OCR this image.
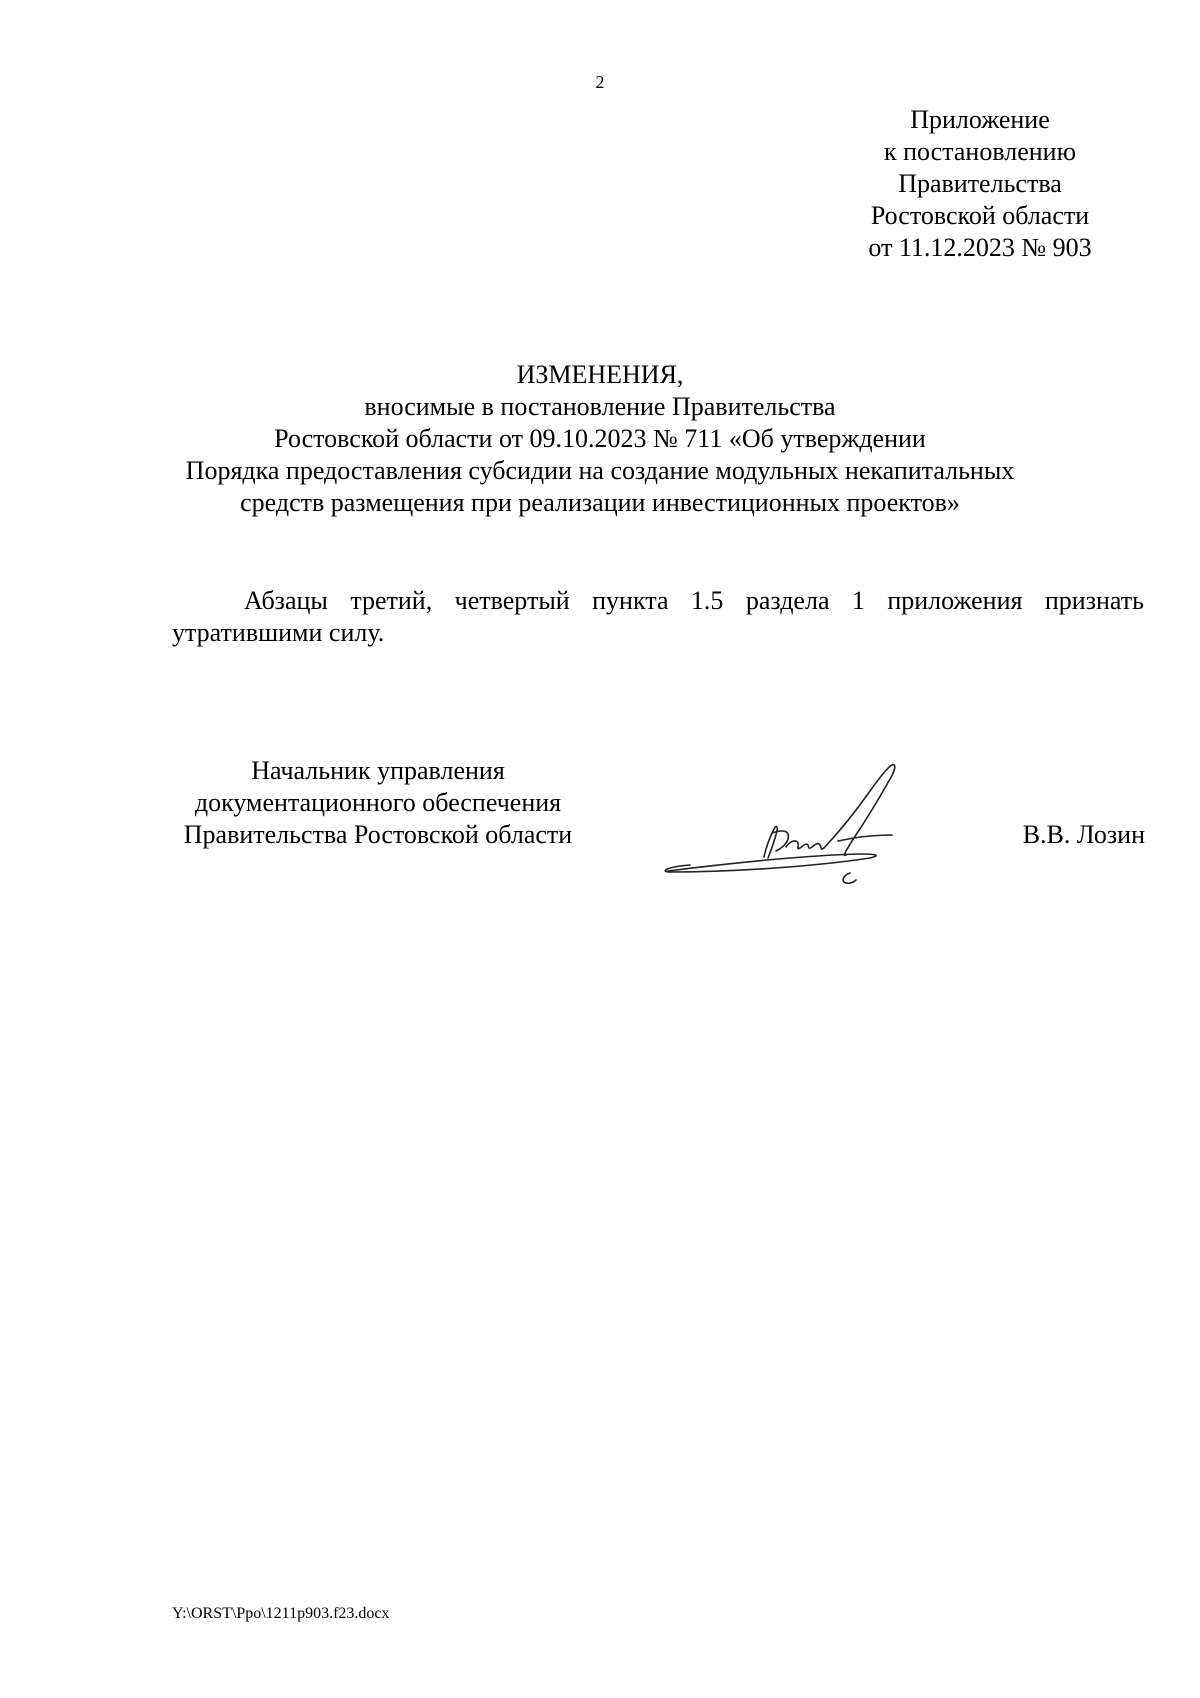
2
Приложение
к постановлению
Правительства
Ростовской области
от 11.12.2023 № 903
ИЗМЕНЕНИЯ,
вносимые в постановление Правительства
Ростовской области от 09.10.2023 № 711 «Об утверждении
Порядка предоставления субсидии на создание модульных некапитальных
средств размещения при реализации инвестиционных проектов»

Абзацы третий, четвертый пункта 1.5 раздела 1 приложения признать утратившими силу.

Начальник управления
документационного обеспечения
Правительства Ростовской области	В.В. Лозин
Y:\ORST\Ppo\1211p903.f23.docx
